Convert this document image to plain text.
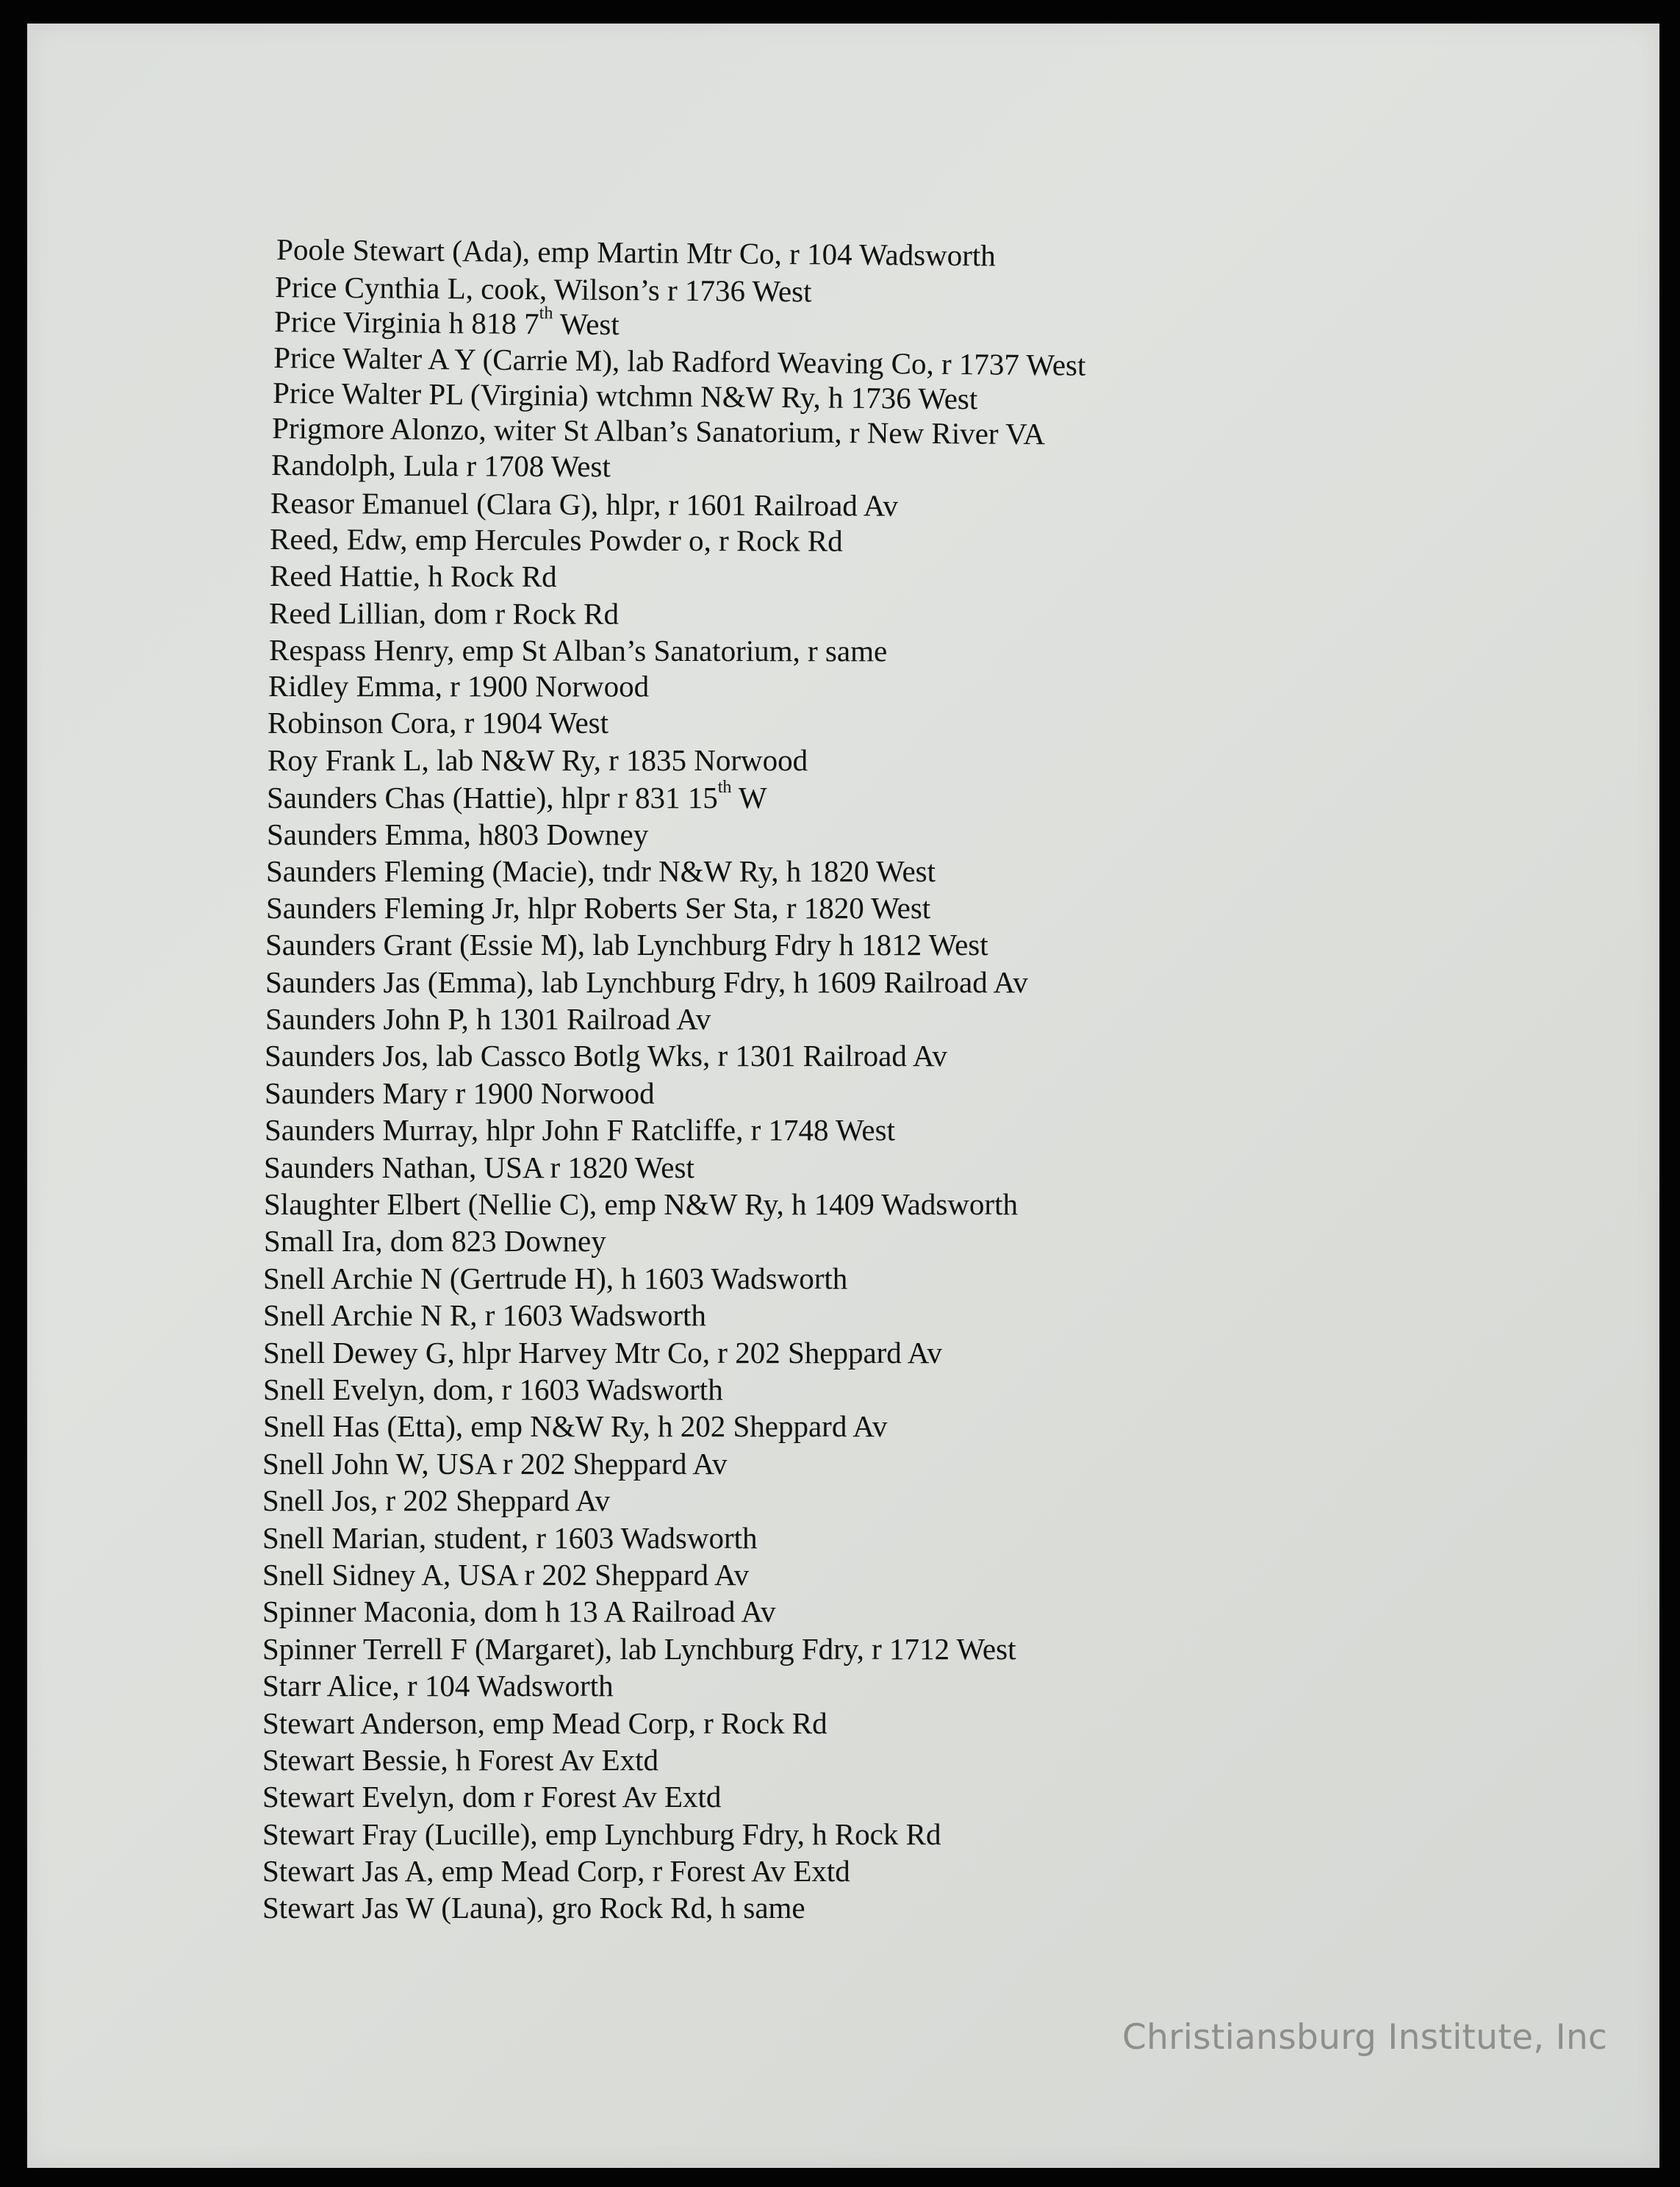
Poole Stewart (Ada), emp Martin Mtr Co, r 104 Wadsworth
Price Cynthia L, cook, Wilson’s r 1736 West
Price Virginia h 818 7th West
Price Walter A Y (Carrie M), lab Radford Weaving Co, r 1737 West
Price Walter PL (Virginia) wtchmn N&W Ry, h 1736 West
Prigmore Alonzo, witer St Alban’s Sanatorium, r New River VA
Randolph, Lula r 1708 West
Reasor Emanuel (Clara G), hlpr, r 1601 Railroad Av
Reed, Edw, emp Hercules Powder o, r Rock Rd
Reed Hattie, h Rock Rd
Reed Lillian, dom r Rock Rd
Respass Henry, emp St Alban’s Sanatorium, r same
Ridley Emma, r 1900 Norwood
Robinson Cora, r 1904 West
Roy Frank L, lab N&W Ry, r 1835 Norwood
Saunders Chas (Hattie), hlpr r 831 15th W
Saunders Emma, h803 Downey
Saunders Fleming (Macie), tndr N&W Ry, h 1820 West
Saunders Fleming Jr, hlpr Roberts Ser Sta, r 1820 West
Saunders Grant (Essie M), lab Lynchburg Fdry h 1812 West
Saunders Jas (Emma), lab Lynchburg Fdry, h 1609 Railroad Av
Saunders John P, h 1301 Railroad Av
Saunders Jos, lab Cassco Botlg Wks, r 1301 Railroad Av
Saunders Mary r 1900 Norwood
Saunders Murray, hlpr John F Ratcliffe, r 1748 West
Saunders Nathan, USA r 1820 West
Slaughter Elbert (Nellie C), emp N&W Ry, h 1409 Wadsworth
Small Ira, dom 823 Downey
Snell Archie N (Gertrude H), h 1603 Wadsworth
Snell Archie N R, r 1603 Wadsworth
Snell Dewey G, hlpr Harvey Mtr Co, r 202 Sheppard Av
Snell Evelyn, dom, r 1603 Wadsworth
Snell Has (Etta), emp N&W Ry, h 202 Sheppard Av
Snell John W, USA r 202 Sheppard Av
Snell Jos, r 202 Sheppard Av
Snell Marian, student, r 1603 Wadsworth
Snell Sidney A, USA r 202 Sheppard Av
Spinner Maconia, dom h 13 A Railroad Av
Spinner Terrell F (Margaret), lab Lynchburg Fdry, r 1712 West
Starr Alice, r 104 Wadsworth
Stewart Anderson, emp Mead Corp, r Rock Rd
Stewart Bessie, h Forest Av Extd
Stewart Evelyn, dom r Forest Av Extd
Stewart Fray (Lucille), emp Lynchburg Fdry, h Rock Rd
Stewart Jas A, emp Mead Corp, r Forest Av Extd
Stewart Jas W (Launa), gro Rock Rd, h same
Christiansburg Institute, Inc
